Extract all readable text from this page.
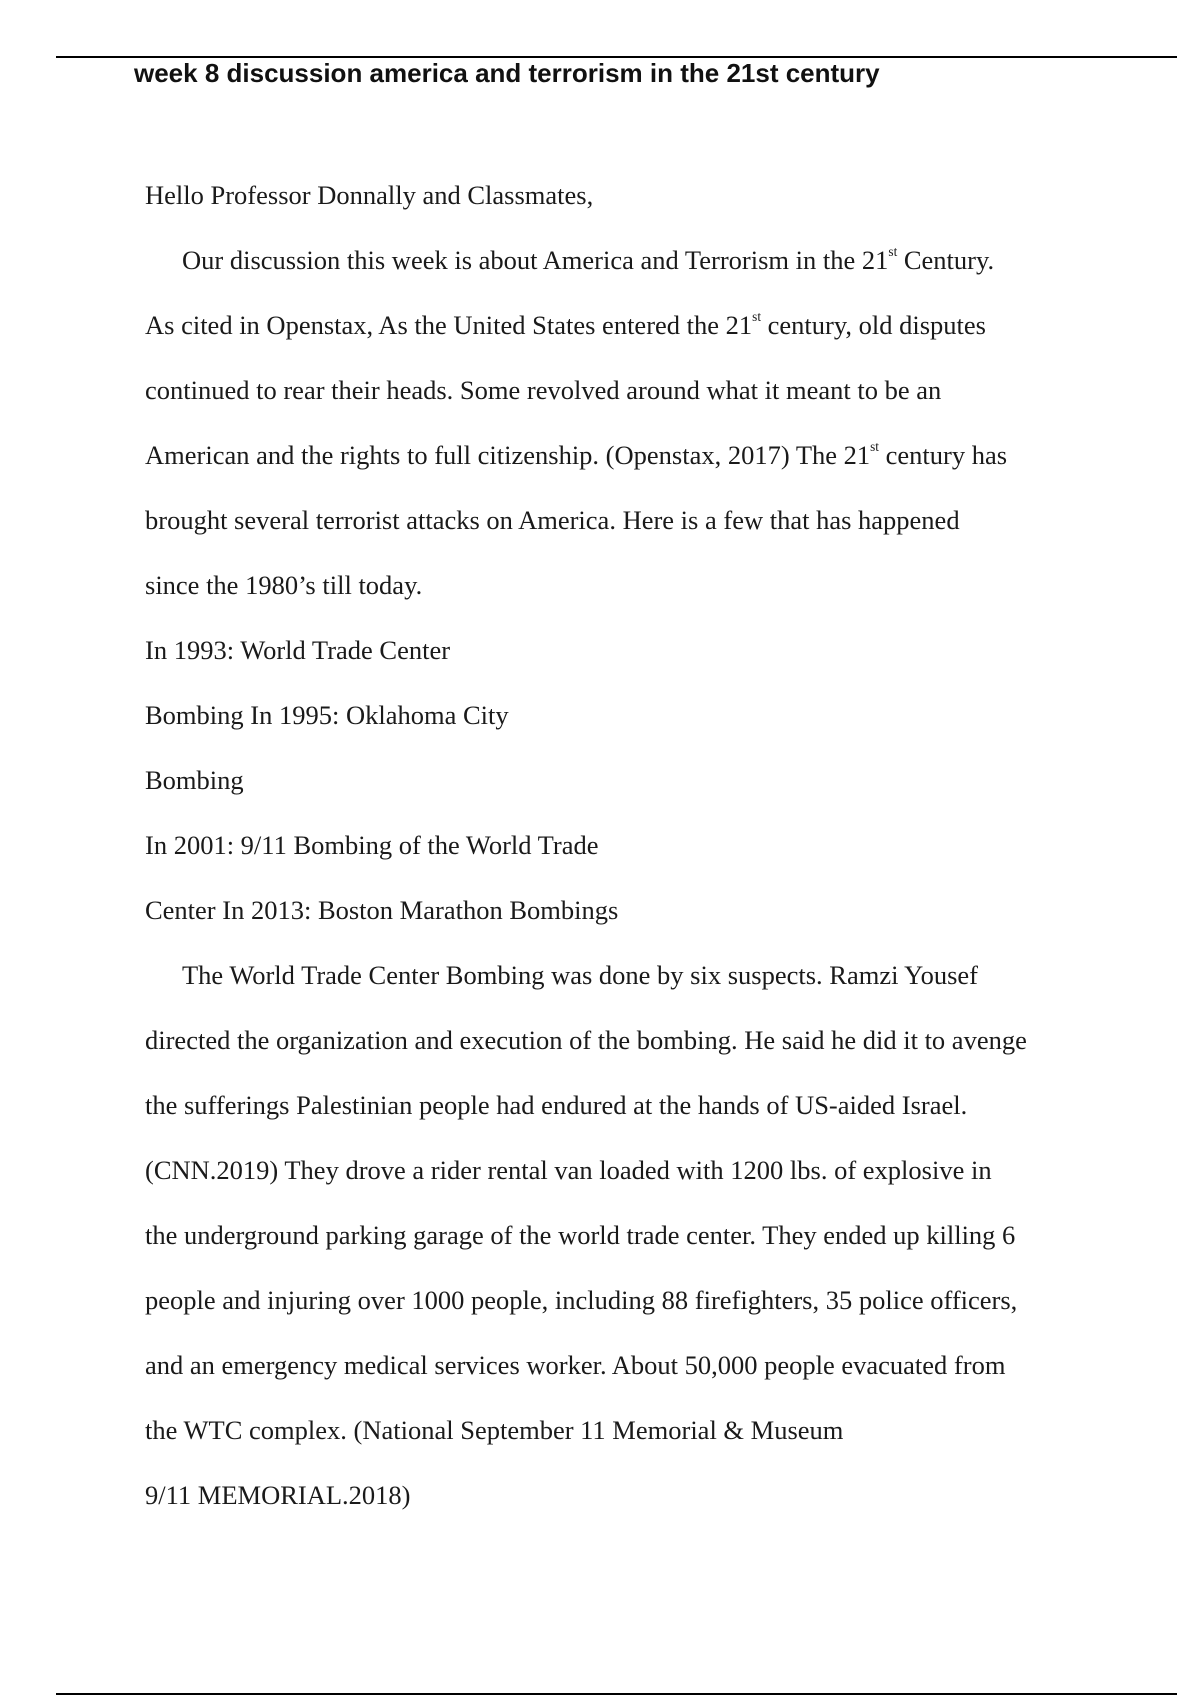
week 8 discussion america and terrorism in the 21st century

Hello Professor Donnally and Classmates,

Our discussion this week is about America and Terrorism in the 21st Century.

As cited in Openstax, As the United States entered the 21st century, old disputes

continued to rear their heads. Some revolved around what it meant to be an

American and the rights to full citizenship. (Openstax, 2017) The 21st century has

brought several terrorist attacks on America. Here is a few that has happened

since the 1980’s till today.

In 1993: World Trade Center

Bombing In 1995: Oklahoma City

Bombing

In 2001: 9/11 Bombing of the World Trade

Center In 2013: Boston Marathon Bombings

The World Trade Center Bombing was done by six suspects. Ramzi Yousef

directed the organization and execution of the bombing. He said he did it to avenge

the sufferings Palestinian people had endured at the hands of US-aided Israel.

(CNN.2019) They drove a rider rental van loaded with 1200 lbs. of explosive in

the underground parking garage of the world trade center. They ended up killing 6

people and injuring over 1000 people, including 88 firefighters, 35 police officers,

and an emergency medical services worker. About 50,000 people evacuated from

the WTC complex. (National September 11 Memorial & Museum

9/11 MEMORIAL.2018)
